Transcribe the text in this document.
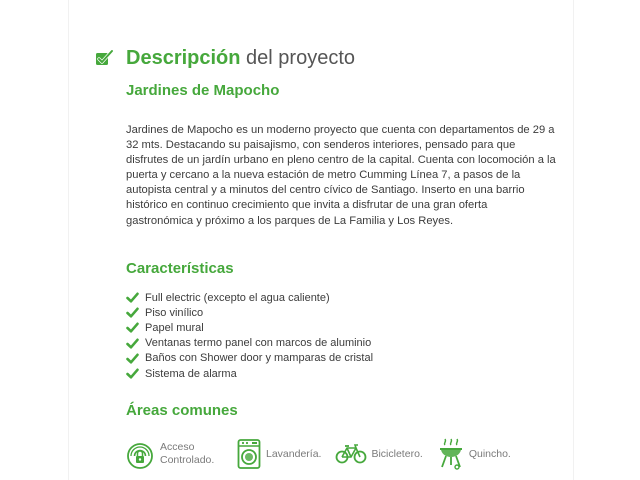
Descripción del proyecto
Jardines de Mapocho

Jardines de Mapocho es un moderno proyecto que cuenta con departamentos de 29 a 32 mts. Destacando su paisajismo, con senderos interiores, pensado para que disfrutes de un jardín urbano en pleno centro de la capital. Cuenta con locomoción a la puerta y cercano a la nueva estación de metro Cumming Línea 7, a pasos de la autopista central y a minutos del centro cívico de Santiago. Inserto en una barrio histórico en continuo crecimiento que invita a disfrutar de una gran oferta gastronómica y próximo a los parques de La Familia y Los Reyes.

Características
Full electric (excepto el agua caliente)
Piso vinílico
Papel mural
Ventanas termo panel con marcos de aluminio
Baños con Shower door y mamparas de cristal
Sistema de alarma
Áreas comunes
Acceso Controlado.
Lavandería.	Bicicletero.	Quincho.
